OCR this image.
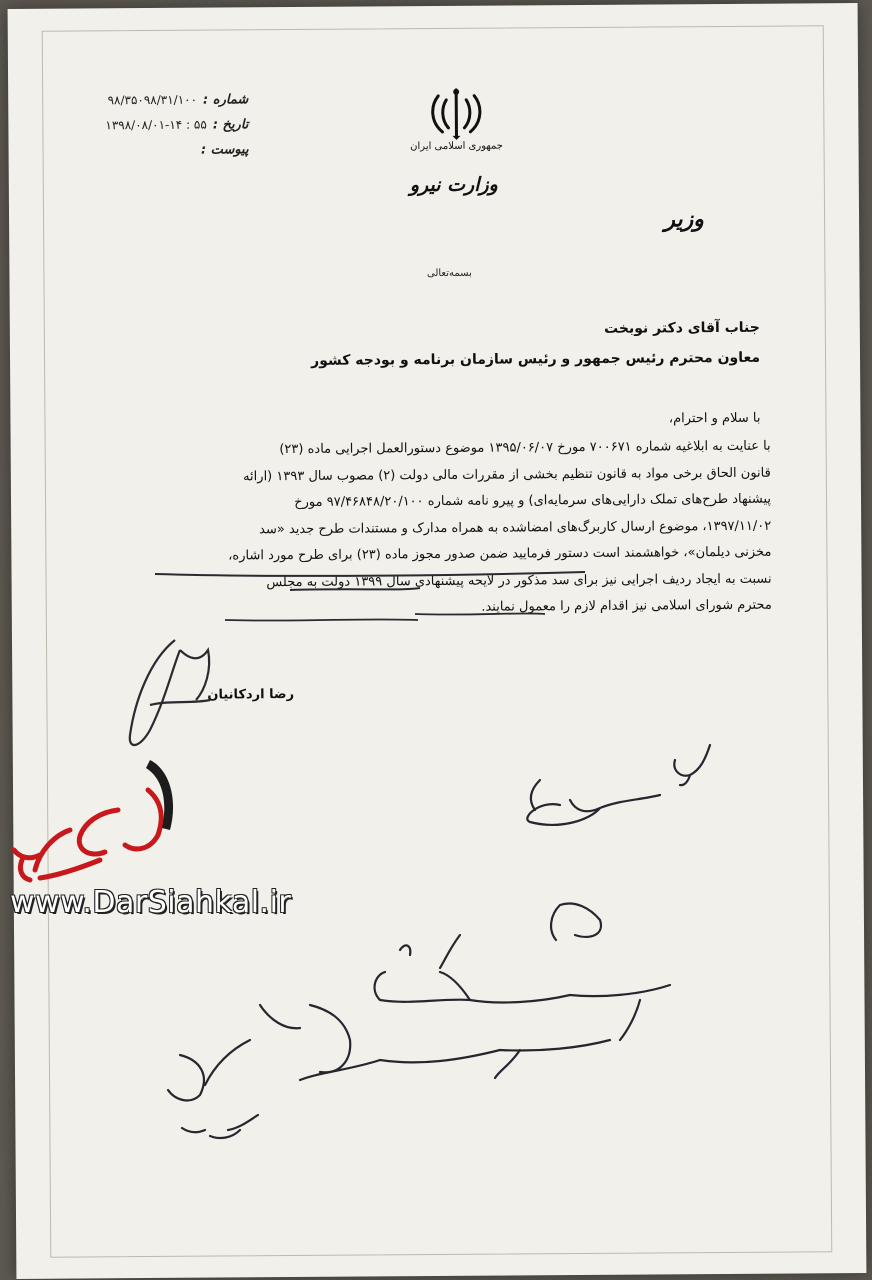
شماره :
۹۸/۳۵۰۹۸/۳۱/۱۰۰
تاریخ :
۱۳۹۸/۰۸/۰۱-۱۴ : ۵۵
پیوست :	جمهوری اسلامی ایران
وزارت نیرو
وزیر
بسمه‌تعالی
جناب آقای دکتر نوبخت
معاون محترم رئیس جمهور و رئیس سازمان برنامه و بودجه کشور
با سلام و احترام،
با عنایت به ابلاغیه شماره ۷۰۰۶۷۱ مورخ ۱۳۹۵/۰۶/۰۷ موضوع دستورالعمل اجرایی ماده (۲۳)
قانون الحاق برخی مواد به قانون تنظیم بخشی از مقررات مالی دولت (۲) مصوب سال ۱۳۹۳ (ارائه
پیشنهاد طرح‌های تملک دارایی‌های سرمایه‌ای) و پیرو نامه شماره ۹۷/۴۶۸۴۸/۲۰/۱۰۰ مورخ
۱۳۹۷/۱۱/۰۲، موضوع ارسال کاربرگ‌های امضاشده به همراه مدارک و مستندات طرح جدید «سد
مخزنی دیلمان»، خواهشمند است دستور فرمایید ضمن صدور مجوز ماده (۲۳) برای طرح مورد اشاره،
نسبت به ایجاد ردیف اجرایی نیز برای سد مذکور در لایحه پیشنهادی سال ۱۳۹۹ دولت به مجلس
محترم شورای اسلامی نیز اقدام لازم را معمول نمایند.
رضا اردکانیان
www.DarSiahkal.ir
